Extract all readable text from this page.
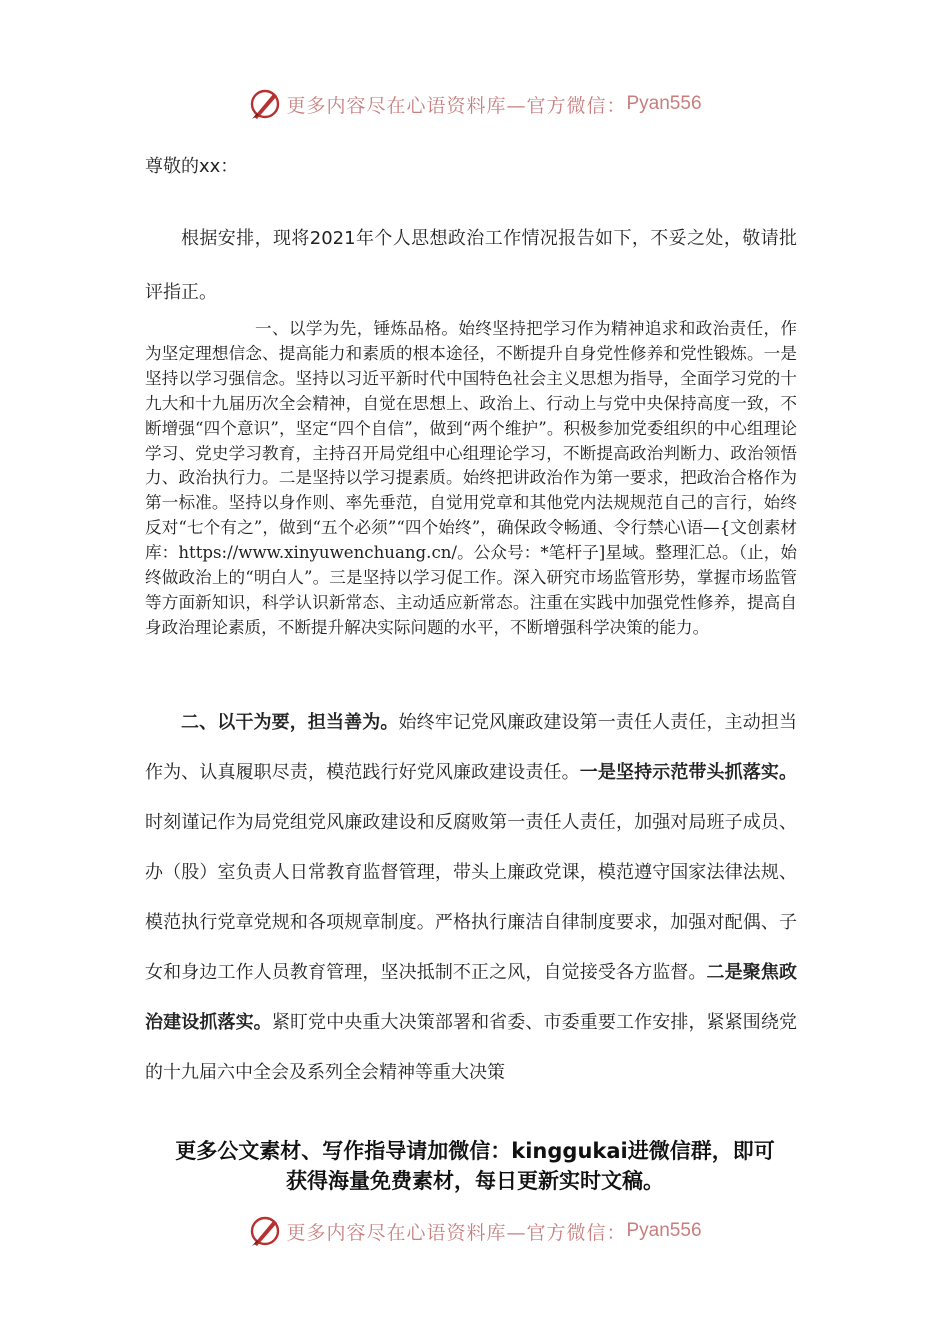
更多内容尽在心语资料库—官方微信： Pyan556
尊敬的xx：
根据安排，现将2021年个人思想政治工作情况报告如下，不妥之处，敬请批评指正。
一、以学为先，锤炼品格。始终坚持把学习作为精神追求和政治责任，作为坚定理想信念、提高能力和素质的根本途径，不断提升自身党性修养和党性锻炼。一是坚持以学习强信念。坚持以习近平新时代中国特色社会主义思想为指导，全面学习党的十九大和十九届历次全会精神，自觉在思想上、政治上、行动上与党中央保持高度一致，不断增强“四个意识”，坚定“四个自信”，做到“两个维护”。积极参加党委组织的中心组理论学习、党史学习教育，主持召开局党组中心组理论学习，不断提高政治判断力、政治领悟力、政治执行力。二是坚持以学习提素质。始终把讲政治作为第一要求，把政治合格作为第一标准。坚持以身作则、率先垂范，自觉用党章和其他党内法规规范自己的言行，始终反对“七个有之”，做到“五个必须”“四个始终”，确保政令畅通、令行禁心\语—{文创素材库：https://www.xinyuwenchuang.cn/。公众号：*笔杆子]星域。整理汇总。（止，始终做政治上的“明白人”。三是坚持以学习促工作。深入研究市场监管形势，掌握市场监管等方面新知识，科学认识新常态、主动适应新常态。注重在实践中加强党性修养，提高自身政治理论素质，不断提升解决实际问题的水平，不断增强科学决策的能力。
二、以干为要，担当善为。始终牢记党风廉政建设第一责任人责任，主动担当作为、认真履职尽责，模范践行好党风廉政建设责任。一是坚持示范带头抓落实。时刻谨记作为局党组党风廉政建设和反腐败第一责任人责任，加强对局班子成员、办（股）室负责人日常教育监督管理，带头上廉政党课，模范遵守国家法律法规、模范执行党章党规和各项规章制度。严格执行廉洁自律制度要求，加强对配偶、子女和身边工作人员教育管理，坚决抵制不正之风，自觉接受各方监督。二是聚焦政治建设抓落实。紧盯党中央重大决策部署和省委、市委重要工作安排，紧紧围绕党的十九届六中全会及系列全会精神等重大决策
更多公文素材、写作指导请加微信：kinggukai进微信群，即可
获得海量免费素材，每日更新实时文稿。
更多内容尽在心语资料库—官方微信： Pyan556
